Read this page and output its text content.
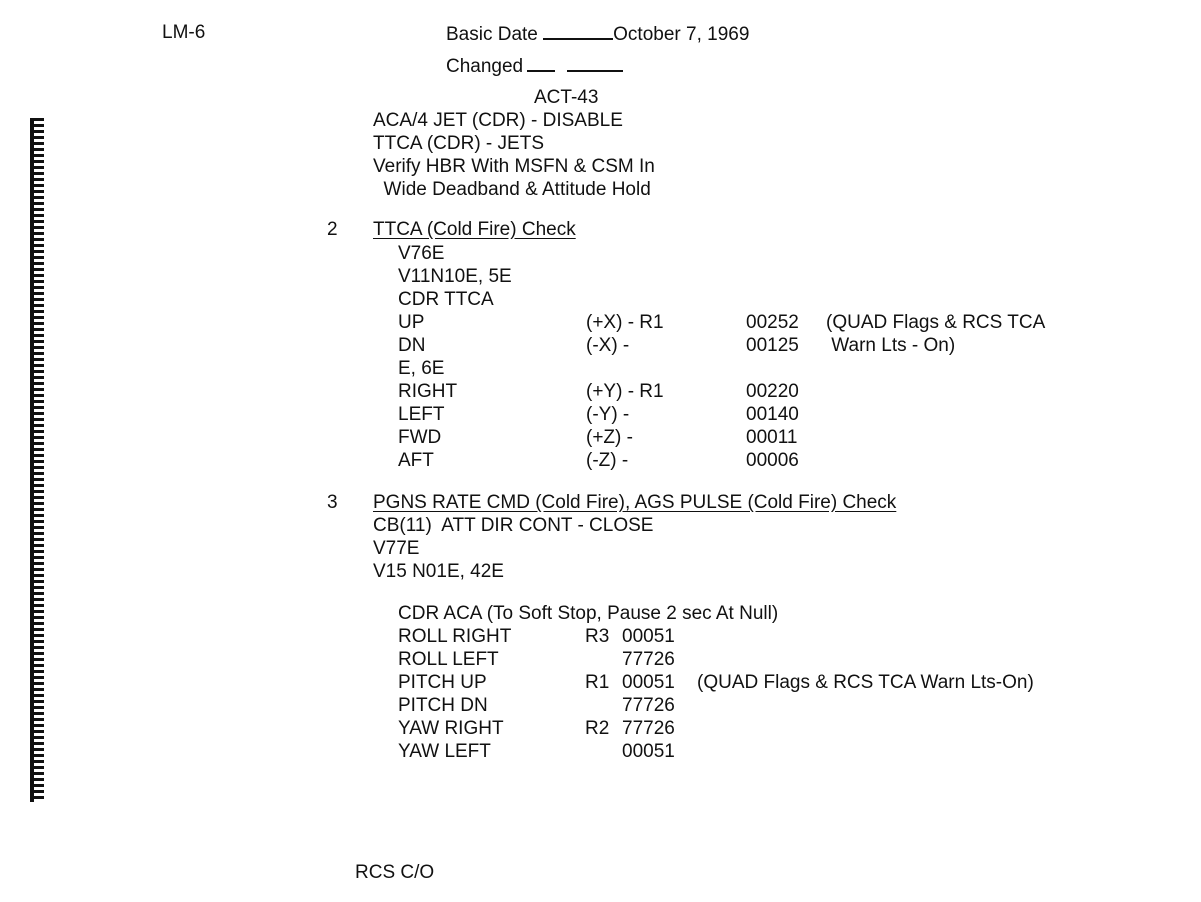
LM-6	Basic Date	October 7, 1969
Changed
ACT-43
ACA/4 JET (CDR) - DISABLE
TTCA (CDR) - JETS
Verify HBR With MSFN & CSM In
Wide Deadband & Attitude Hold
2 TTCA (Cold Fire) Check
V76E
V11N10E, 5E
CDR TTCA
UP	(+X) - R1	00252 (QUAD Flags & RCS TCA
DN	(-X) -	00125 Warn Lts - On)
E, 6E
RIGHT	(+Y) - R1	00220
LEFT	(-Y) -	00140
FWD	(+Z) -	00011
AFT	(-Z) -	00006
3 PGNS RATE CMD (Cold Fire), AGS PULSE (Cold Fire) Check
CB(11)  ATT DIR CONT - CLOSE
V77E
V15 N01E, 42E
CDR ACA (To Soft Stop, Pause 2 sec At Null)
ROLL RIGHT	R3 00051
ROLL LEFT	77726
PITCH UP	R1 00051 (QUAD Flags & RCS TCA Warn Lts-On)
PITCH DN	77726
YAW RIGHT	R2 77726
YAW LEFT	00051
RCS C/O
